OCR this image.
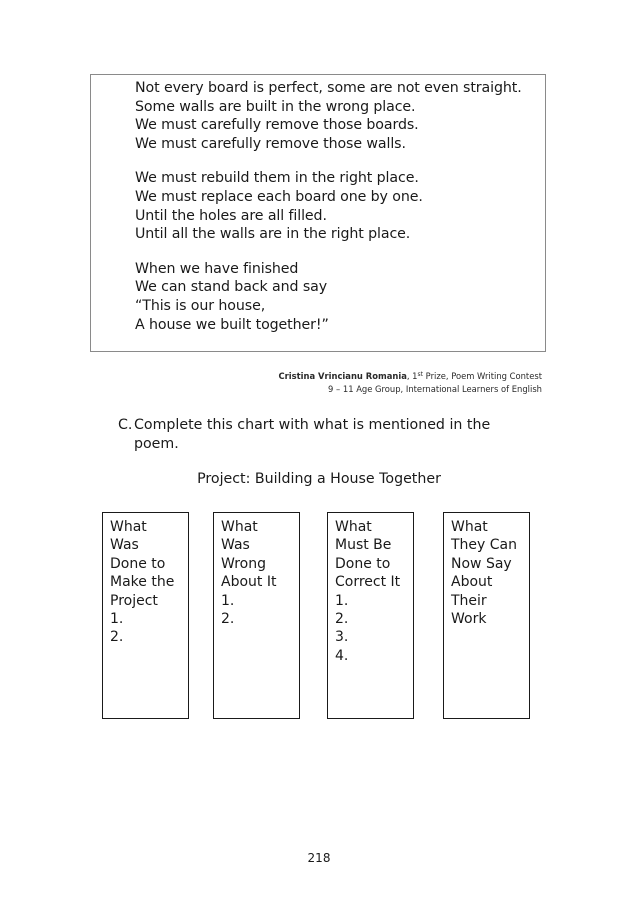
Not every board is perfect, some are not even straight.
Some walls are built in the wrong place.
We must carefully remove those boards.
We must carefully remove those walls.
We must rebuild them in the right place.
We must replace each board one by one.
Until the holes are all filled.
Until all the walls are in the right place.
When we have finished
We can stand back and say
“This is our house,
A house we built together!”
Cristina Vrincianu Romania, 1st Prize, Poem Writing Contest
9 – 11 Age Group, International Learners of English
C. Complete this chart with what is mentioned in the poem.
Project: Building a House Together
What
Was
Done to
Make the
Project
1.
2.
What
Was
Wrong
About It
1.
2.
What
Must Be
Done to
Correct It
1.
2.
3.
4.
What
They Can
Now Say
About
Their
Work
218
